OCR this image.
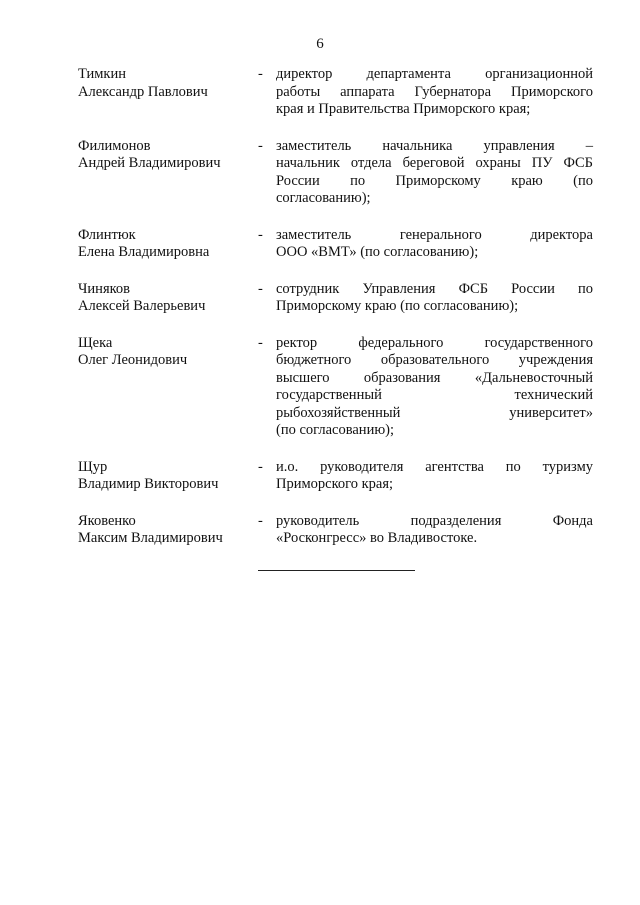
6
Тимкин
Александр Павлович
- директор департамента организационной
работы аппарата Губернатора Приморского
края и Правительства Приморского края;
Филимонов
Андрей Владимирович
- заместитель начальника управления –
начальник отдела береговой охраны ПУ ФСБ
России по Приморскому краю (по
согласованию);
Флинтюк
Елена Владимировна
- заместитель генерального директора
ООО «ВМТ» (по согласованию);
Чиняков
Алексей Валерьевич
- сотрудник Управления ФСБ России по
Приморскому краю (по согласованию);
Щека
Олег Леонидович
- ректор федерального государственного
бюджетного образовательного учреждения
высшего образования «Дальневосточный
государственный технический
рыбохозяйственный университет»
(по согласованию);
Щур
Владимир Викторович
- и.о. руководителя агентства по туризму
Приморского края;
Яковенко
Максим Владимирович
- руководитель подразделения Фонда
«Росконгресс» во Владивостоке.
